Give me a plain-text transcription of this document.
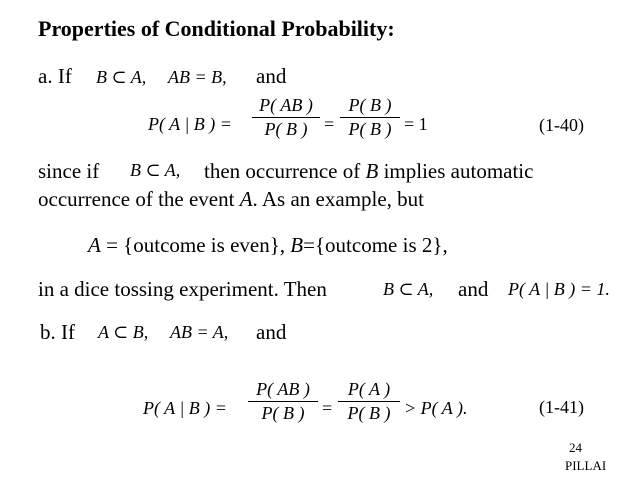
Properties of Conditional Probability:
a. If B ⊂ A, AB = B, and
P( A | B ) =
P( AB )
P( B ) =
P( B )
P( B ) = 1	(1-40)
since if B ⊂ A, then occurrence of B implies automatic
occurrence of the event A. As an example, but
A = {outcome is even}, B={outcome is 2},
in a dice tossing experiment. Then	B ⊂ A, and P( A | B ) = 1.
b. If A ⊂ B, AB = A, and
P( A | B ) =
P( AB )
P( B ) =
P( A )
P( B ) > P( A ).	(1-41)
24
PILLAI
